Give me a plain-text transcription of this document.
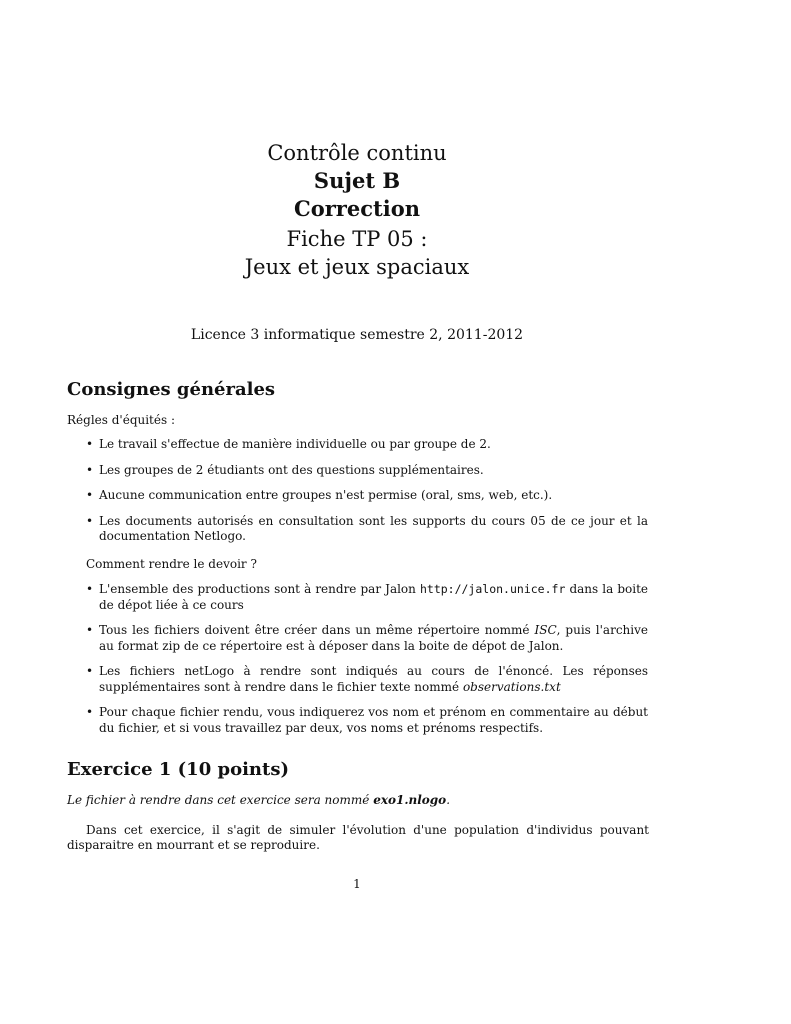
Contrôle continu
Sujet B
Correction
Fiche TP 05 :
Jeux et jeux spaciaux
Licence 3 informatique semestre 2, 2011-2012
Consignes générales

Régles d'équités :

• Le travail s'effectue de manière individuelle ou par groupe de 2.
• Les groupes de 2 étudiants ont des questions supplémentaires.
• Aucune communication entre groupes n'est permise (oral, sms, web, etc.).
• Les documents autorisés en consultation sont les supports du cours 05 de ce jour et la documentation Netlogo.

Comment rendre le devoir ?

• L'ensemble des productions sont à rendre par Jalon http://jalon.unice.fr dans la boite de dépot liée à ce cours
• Tous les fichiers doivent être créer dans un même répertoire nommé ISC, puis l'archive au format zip de ce répertoire est à déposer dans la boite de dépot de Jalon.
• Les fichiers netLogo à rendre sont indiqués au cours de l'énoncé. Les réponses supplémentaires sont à rendre dans le fichier texte nommé observations.txt
• Pour chaque fichier rendu, vous indiquerez vos nom et prénom en commentaire au début du fichier, et si vous travaillez par deux, vos noms et prénoms respectifs.
Exercice 1 (10 points)

Le fichier à rendre dans cet exercice sera nommé exo1.nlogo.

Dans cet exercice, il s'agit de simuler l'évolution d'une population d'individus pouvant disparaitre en mourrant et se reproduire.

1
